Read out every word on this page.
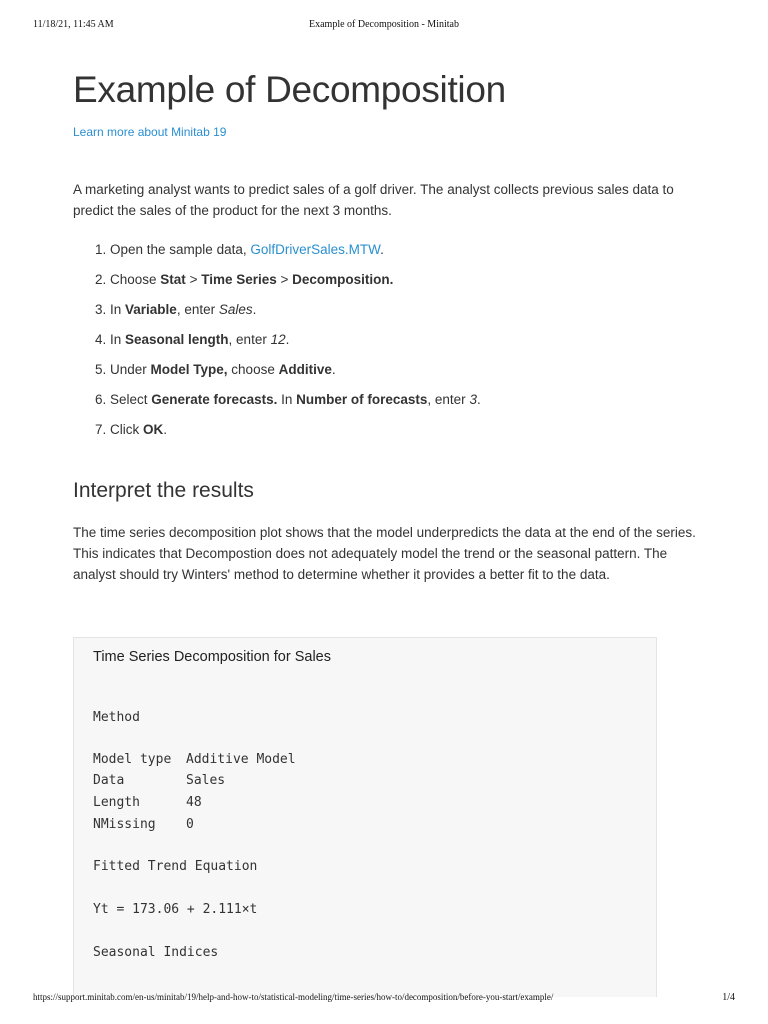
11/18/21, 11:45 AM	Example of Decomposition - Minitab
Example of Decomposition
Learn more about Minitab 19

A marketing analyst wants to predict sales of a golf driver. The analyst collects previous sales data to predict the sales of the product for the next 3 months.

1. Open the sample data, GolfDriverSales.MTW.
2. Choose Stat > Time Series > Decomposition.
3. In Variable, enter Sales.
4. In Seasonal length, enter 12.
5. Under Model Type, choose Additive.
6. Select Generate forecasts. In Number of forecasts, enter 3.
7. Click OK.
Interpret the results

The time series decomposition plot shows that the model underpredicts the data at the end of the series. This indicates that Decompostion does not adequately model the trend or the seasonal pattern. The analyst should try Winters' method to determine whether it provides a better fit to the data.

Time Series Decomposition for Sales
Method
Model type Additive Model
Data	Sales
Length	48
NMissing 0
Fitted Trend Equation
Yt = 173.06 + 2.111×t
Seasonal Indices
https://support.minitab.com/en-us/minitab/19/help-and-how-to/statistical-modeling/time-series/how-to/decomposition/before-you-start/example/	1/4
